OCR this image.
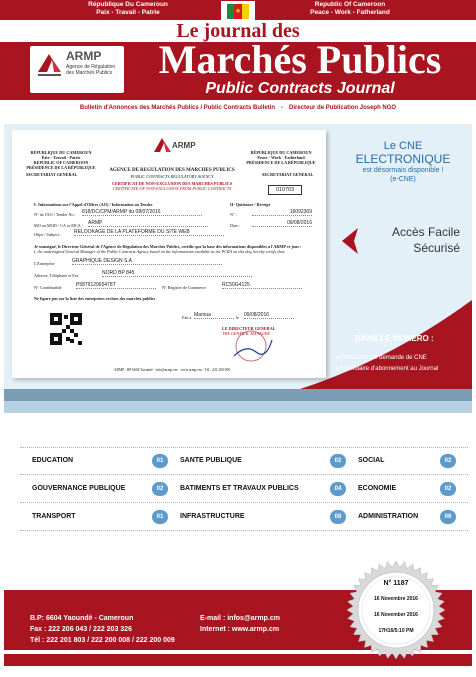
République Du Cameroun
Paix - Travail - Patrie
Republic Of Cameroon
Peace - Work - Fatherland
★
Le journal des
ARMP
Agence de Régulation des Marchés Publics	Marchés Publics
Public Contracts Journal
Bulletin d'Annonces des Marchés Publics / Public Contracts Bulletin - Directeur de Publication Joseph NGO
RÉPUBLIQUE DU CAMEROUN
Paix - Travail - Patrie
REPUBLIC OF CAMEROON
PRÉSIDENCE DE LA RÉPUBLIQUE
SECRETARIAT GENERAL
RÉPUBLIQUE DU CAMEROUN
Peace - Work - Fatherland
PRÉSIDENCE DE LA RÉPUBLIQUE
SECRETARIAT GENERAL
ARMP
AGENCE DE REGULATION DES MARCHES PUBLICS
PUBLIC CONTRACTS REGULATORY AGENCY
CERTIFICAT DE NON-EXCLUSION DES MARCHES PUBLICS
CERTIFICATE OF NON-EXCLUSION FROM PUBLIC CONTRACTS	010703
I- Informations sur l'Appel d'Offres (AO) / Information on Tender	II- Quittance / Receipt
N° de l'AO / Tender No : 818/DC/CPM/ARMP du 08/07/2016	N° :	16092369
MO ou MOD / CA or MCA : ARMP	Date :	09/08/2016
Objet / Subject :	RELOOKAGE DE LA PLATEFORME DU SITE WEB
Je soussigné, le Directeur Général de l'Agence de Régulation des Marchés Publics, certifie que la base des informations disponibles à l'ARMP ce jour :
I, the undersigned General Manager of the Public Contracts Agency based on the informations available at the PCRA on this day, hereby certify that:
L'Entreprise	GRAPHIQUE DESIGN S.A
Adresse, Téléphone et Fax	NORD BP 845
N° Contribuable	P587912965478T	N° Registre de Commerce	RC50G4125
Ne figure pas sur la liste des entreprises exclues des marchés publics
Fait à Maroua	le 09/08/2016
LE DIRECTEUR GENERAL
THE GENERAL MANAGER
ARMP - BP 6604 Yaoundé - info@armp.cm - www.armp.cm - Tél : 222 200 009
Le CNE
ELECTRONIQUE
est désormais disponible !
(e-CNE)
Accès Facile
Sécurisé
DANS CE NUMERO :
● Formulaire de demande de CNE
● Formulaire d'abonnement au Journal
EDUCATION	01	SANTE PUBLIQUE	02	SOCIAL	02
GOUVERNANCE PUBLIQUE	02	BATIMENTS ET TRAVAUX PUBLICS	04	ECONOMIE	02
TRANSPORT	01	INFRASTRUCTURE	08	ADMINISTRATION	09
B.P: 6604 Yaoundé - Cameroun
Fax : 222 206 043 / 222 203 326
Tél : 222 201 803 / 222 200 008 / 222 200 009
E-mail : infos@armp.cm
Internet : www.armp.cm
N° 1187
16 Novembre 2016
16 November 2016
17H16/5:10 PM
